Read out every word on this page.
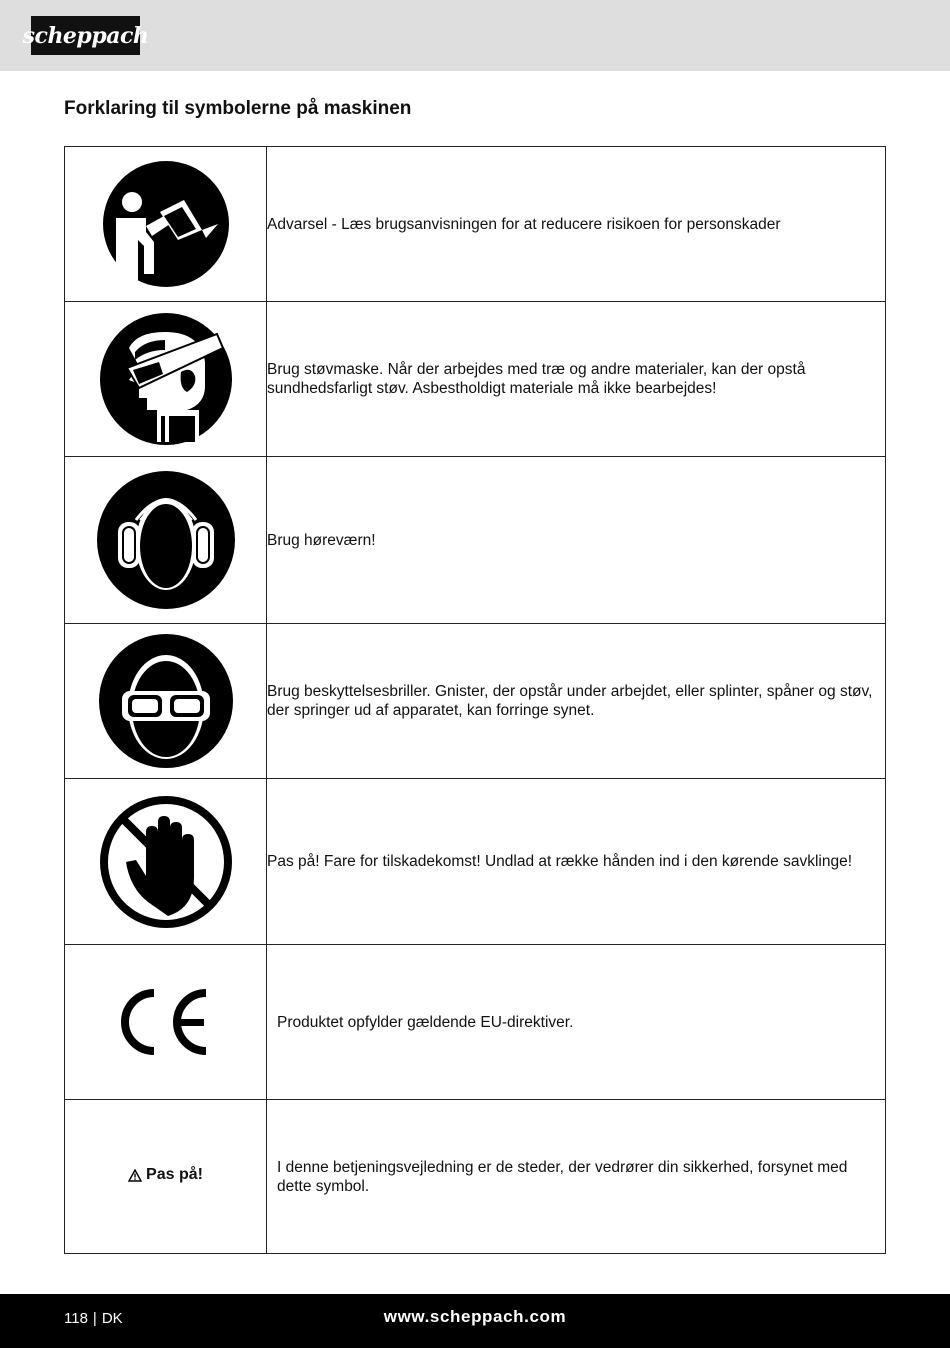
scheppach
Forklaring til symbolerne på maskinen
	Advarsel - Læs brugsanvisningen for at reducere risikoen for personskader

	Brug støvmaske. Når der arbejdes med træ og andre materialer, kan der opstå sundhedsfarligt støv. Asbestholdigt materiale må ikke bearbejdes!

	Brug høreværn!

	Brug beskyttelsesbriller. Gnister, der opstår under arbejdet, eller splinter, spåner og støv, der springer ud af apparatet, kan forringe synet.

	Pas på! Fare for tilskadekomst! Undlad at række hånden ind i den kørende savklinge!

	Produktet opfylder gældende EU-direktiver.

Pas på!	I denne betjeningsvejledning er de steder, der vedrører din sikkerhed, forsynet med dette symbol.
118 | DK	www.scheppach.com
